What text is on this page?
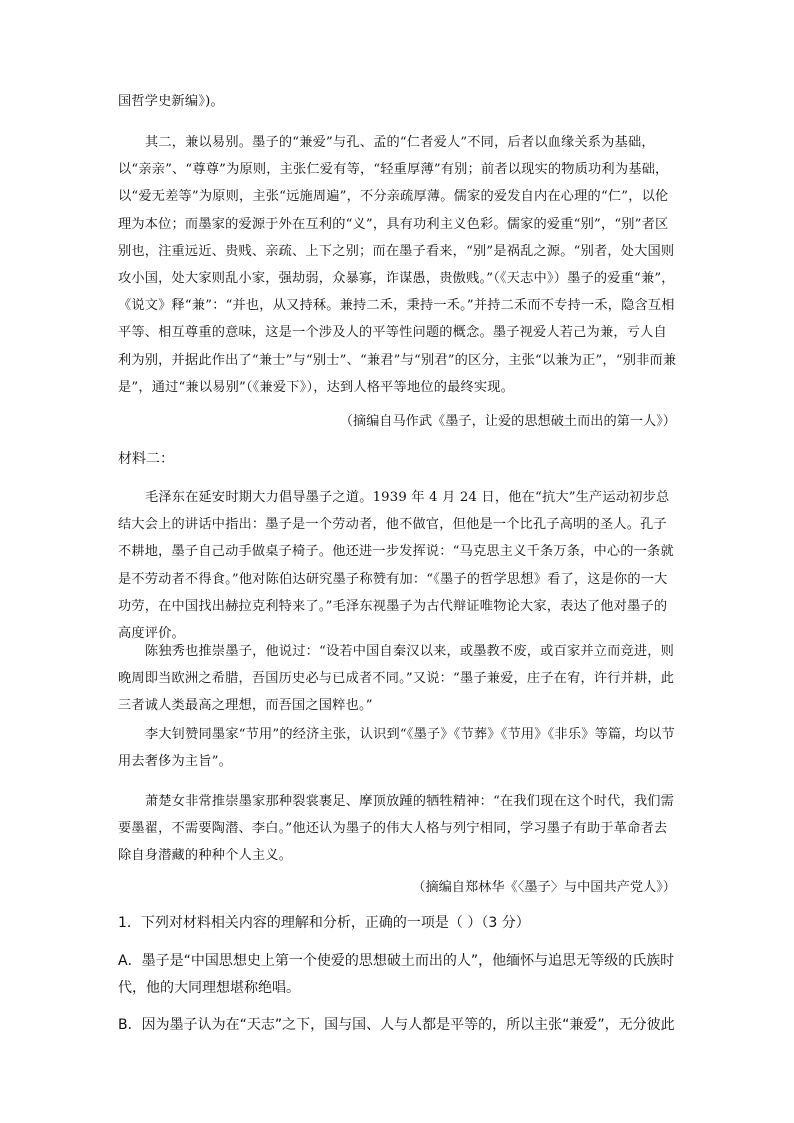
国哲学史新编》)。
其二，兼以易别。墨子的“兼爱”与孔、孟的“仁者爱人”不同，后者以血缘关系为基础，以“亲亲”、“尊尊”为原则，主张仁爱有等，“轻重厚薄”有别；前者以现实的物质功利为基础，以“爱无差等”为原则，主张“远施周遍”，不分亲疏厚薄。儒家的爱发自内在心理的“仁”，以伦理为本位；而墨家的爱源于外在互利的“义”，具有功利主义色彩。儒家的爱重“别”，“别”者区别也，注重远近、贵贱、亲疏、上下之别；而在墨子看来，“别”是祸乱之源。“别者，处大国则攻小国，处大家则乱小家，强劫弱，众暴寡，诈谋愚，贵傲贱。”（《天志中》）墨子的爱重“兼”，《说文》释“兼”：“并也，从又持秝。兼持二禾，秉持一禾。”并持二禾而不专持一禾，隐含互相平等、相互尊重的意味，这是一个涉及人的平等性问题的概念。墨子视爱人若己为兼，亏人自利为别，并据此作出了“兼士”与“别士”、“兼君”与“别君”的区分，主张“以兼为正”，“别非而兼是”，通过“兼以易别”（《兼爱下》），达到人格平等地位的最终实现。
（摘编自马作武《墨子，让爱的思想破土而出的第一人》）
材料二：
毛泽东在延安时期大力倡导墨子之道。1939 年 4 月 24 日，他在“抗大”生产运动初步总结大会上的讲话中指出：墨子是一个劳动者，他不做官，但他是一个比孔子高明的圣人。孔子不耕地，墨子自己动手做桌子椅子。他还进一步发挥说：“马克思主义千条万条，中心的一条就是不劳动者不得食。”他对陈伯达研究墨子称赞有加：“《墨子的哲学思想》看了，这是你的一大功劳，在中国找出赫拉克利特来了。”毛泽东视墨子为古代辩证唯物论大家，表达了他对墨子的高度评价。
陈独秀也推崇墨子，他说过：“设若中国自秦汉以来，或墨教不废，或百家并立而竞进，则晚周即当欧洲之希腊，吾国历史必与已成者不同。”又说：“墨子兼爱，庄子在宥，许行并耕，此三者诚人类最高之理想，而吾国之国粹也。”
李大钊赞同墨家“节用”的经济主张，认识到“《墨子》《节葬》《节用》《非乐》等篇，均以节用去奢侈为主旨”。
萧楚女非常推崇墨家那种裂裳裹足、摩顶放踵的牺牲精神：“在我们现在这个时代，我们需要墨翟，不需要陶潜、李白。”他还认为墨子的伟大人格与列宁相同，学习墨子有助于革命者去除自身潜藏的种种个人主义。
（摘编自郑林华《〈墨子〉与中国共产党人》）
1．下列对材料相关内容的理解和分析，正确的一项是（ ）（3 分）
A．墨子是“中国思想史上第一个使爱的思想破土而出的人”，他缅怀与追思无等级的氏族时代，他的大同理想堪称绝唱。
B．因为墨子认为在“天志”之下，国与国、人与人都是平等的，所以主张“兼爱”，无分彼此
